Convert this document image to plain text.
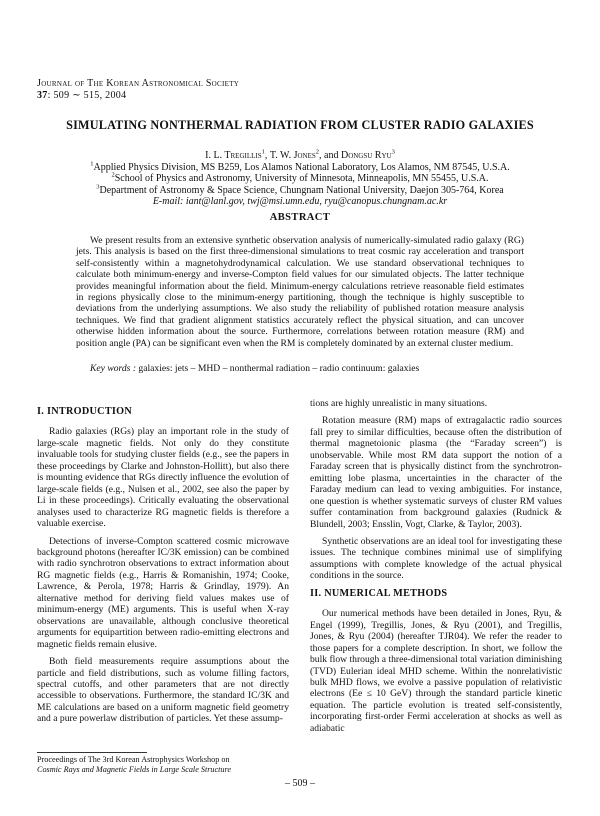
Journal of The Korean Astronomical Society
37: 509 ∼ 515, 2004
SIMULATING NONTHERMAL RADIATION FROM CLUSTER RADIO GALAXIES
I. L. Tregillis$^1$, T. W. Jones$^2$, and Dongsu Ryu$^3$
$^1$Applied Physics Division, MS B259, Los Alamos National Laboratory, Los Alamos, NM 87545, U.S.A.
$^2$School of Physics and Astronomy, University of Minnesota, Minneapolis, MN 55455, U.S.A.
$^3$Department of Astronomy & Space Science, Chungnam National University, Daejon 305-764, Korea
E-mail: iant@lanl.gov, twj@msi.umn.edu, ryu@canopus.chungnam.ac.kr
ABSTRACT

We present results from an extensive synthetic observation analysis of numerically-simulated radio galaxy (RG) jets. This analysis is based on the first three-dimensional simulations to treat cosmic ray acceleration and transport self-consistently within a magnetohydrodynamical calculation. We use standard observational techniques to calculate both minimum-energy and inverse-Compton field values for our simulated objects. The latter technique provides meaningful information about the field. Minimum-energy calculations retrieve reasonable field estimates in regions physically close to the minimum-energy partitioning, though the technique is highly susceptible to deviations from the underlying assumptions. We also study the reliability of published rotation measure analysis techniques. We find that gradient alignment statistics accurately reflect the physical situation, and can uncover otherwise hidden information about the source. Furthermore, correlations between rotation measure (RM) and position angle (PA) can be significant even when the RM is completely dominated by an external cluster medium.

Key words : galaxies: jets – MHD – nonthermal radiation – radio continuum: galaxies
I. INTRODUCTION

Radio galaxies (RGs) play an important role in the study of large-scale magnetic fields. Not only do they constitute invaluable tools for studying cluster fields (e.g., see the papers in these proceedings by Clarke and Johnston-Hollitt), but also there is mounting evidence that RGs directly influence the evolution of large-scale fields (e.g., Nulsen et al., 2002, see also the paper by Li in these proceedings). Critically evaluating the observational analyses used to characterize RG magnetic fields is therefore a valuable exercise.

Detections of inverse-Compton scattered cosmic microwave background photons (hereafter IC/3K emission) can be combined with radio synchrotron observations to extract information about RG magnetic fields (e.g., Harris & Romanishin, 1974; Cooke, Lawrence, & Perola, 1978; Harris & Grindlay, 1979). An alternative method for deriving field values makes use of minimum-energy (ME) arguments. This is useful when X-ray observations are unavailable, although conclusive theoretical arguments for equipartition between radio-emitting electrons and magnetic fields remain elusive.

Both field measurements require assumptions about the particle and field distributions, such as volume filling factors, spectral cutoffs, and other parameters that are not directly accessible to observations. Furthermore, the standard IC/3K and ME calculations are based on a uniform magnetic field geometry and a pure powerlaw distribution of particles. Yet these assump-

tions are highly unrealistic in many situations.

Rotation measure (RM) maps of extragalactic radio sources fall prey to similar difficulties, because often the distribution of thermal magnetoionic plasma (the “Faraday screen”) is unobservable. While most RM data support the notion of a Faraday screen that is physically distinct from the synchrotron-emitting lobe plasma, uncertainties in the character of the Faraday medium can lead to vexing ambiguities. For instance, one question is whether systematic surveys of cluster RM values suffer contamination from background galaxies (Rudnick & Blundell, 2003; Ensslin, Vogt, Clarke, & Taylor, 2003).

Synthetic observations are an ideal tool for investigating these issues. The technique combines minimal use of simplifying assumptions with complete knowledge of the actual physical conditions in the source.

II. NUMERICAL METHODS

Our numerical methods have been detailed in Jones, Ryu, & Engel (1999), Tregillis, Jones, & Ryu (2001), and Tregillis, Jones, & Ryu (2004) (hereafter TJR04). We refer the reader to those papers for a complete description. In short, we follow the bulk flow through a three-dimensional total variation diminishing (TVD) Eulerian ideal MHD scheme. Within the nonrelativistic bulk MHD flows, we evolve a passive population of relativistic electrons (Ee ≤ 10 GeV) through the standard particle kinetic equation. The particle evolution is treated self-consistently, incorporating first-order Fermi acceleration at shocks as well as adiabatic

Proceedings of The 3rd Korean Astrophysics Workshop on
Cosmic Rays and Magnetic Fields in Large Scale Structure
– 509 –
